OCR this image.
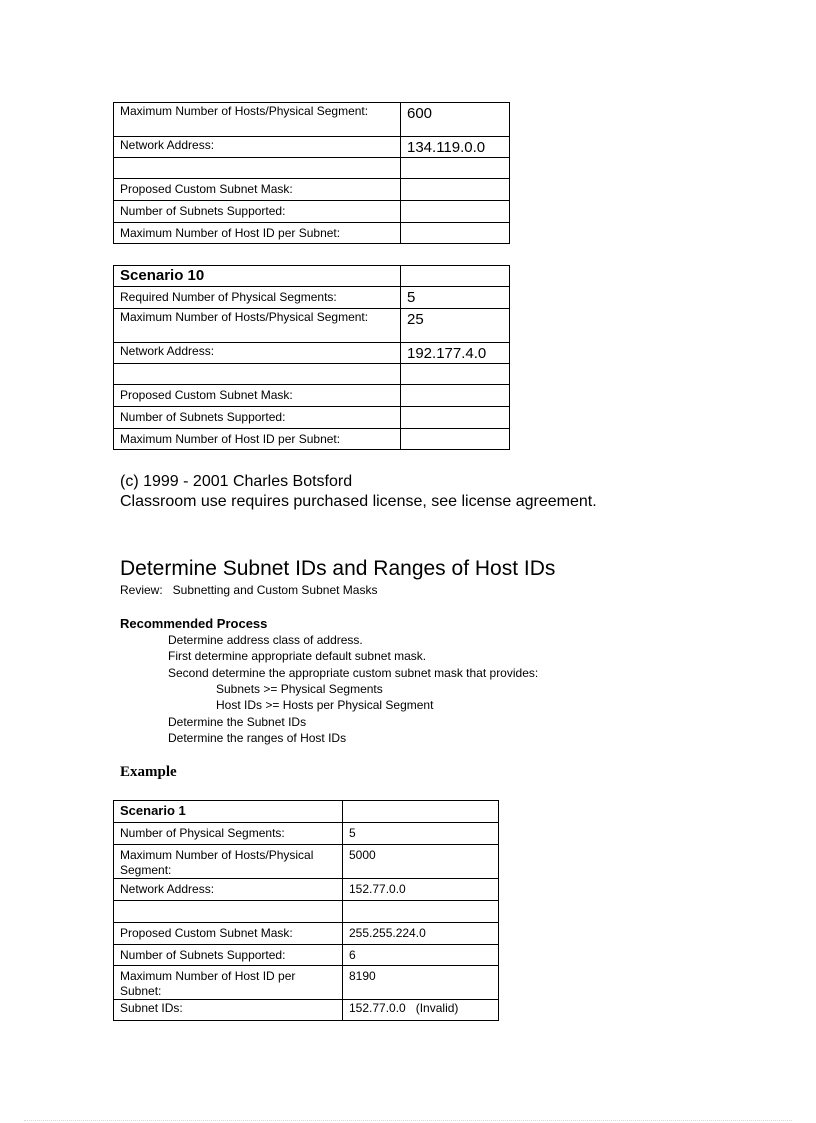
Maximum Number of Hosts/Physical Segment:	600
Network Address:	134.119.0.0

Proposed Custom Subnet Mask:	
Number of Subnets Supported:	
Maximum Number of Host ID per Subnet:	
Scenario 10	
Required Number of Physical Segments:	5
Maximum Number of Hosts/Physical Segment:	25
Network Address:	192.177.4.0

Proposed Custom Subnet Mask:	
Number of Subnets Supported:	
Maximum Number of Host ID per Subnet:	
(c) 1999 - 2001 Charles Botsford
Classroom use requires purchased license, see license agreement.
Determine Subnet IDs and Ranges of Host IDs
Review:   Subnetting and Custom Subnet Masks
Recommended Process
Determine address class of address.
First determine appropriate default subnet mask.
Second determine the appropriate custom subnet mask that provides:
Subnets >= Physical Segments
Host IDs >= Hosts per Physical Segment
Determine the Subnet IDs
Determine the ranges of Host IDs
Example
Scenario 1	
Number of Physical Segments:	5
Maximum Number of Hosts/Physical Segment:	5000
Network Address:	152.77.0.0

Proposed Custom Subnet Mask:	255.255.224.0
Number of Subnets Supported:	6
Maximum Number of Host ID per Subnet:	8190
Subnet IDs:	152.77.0.0   (Invalid)
